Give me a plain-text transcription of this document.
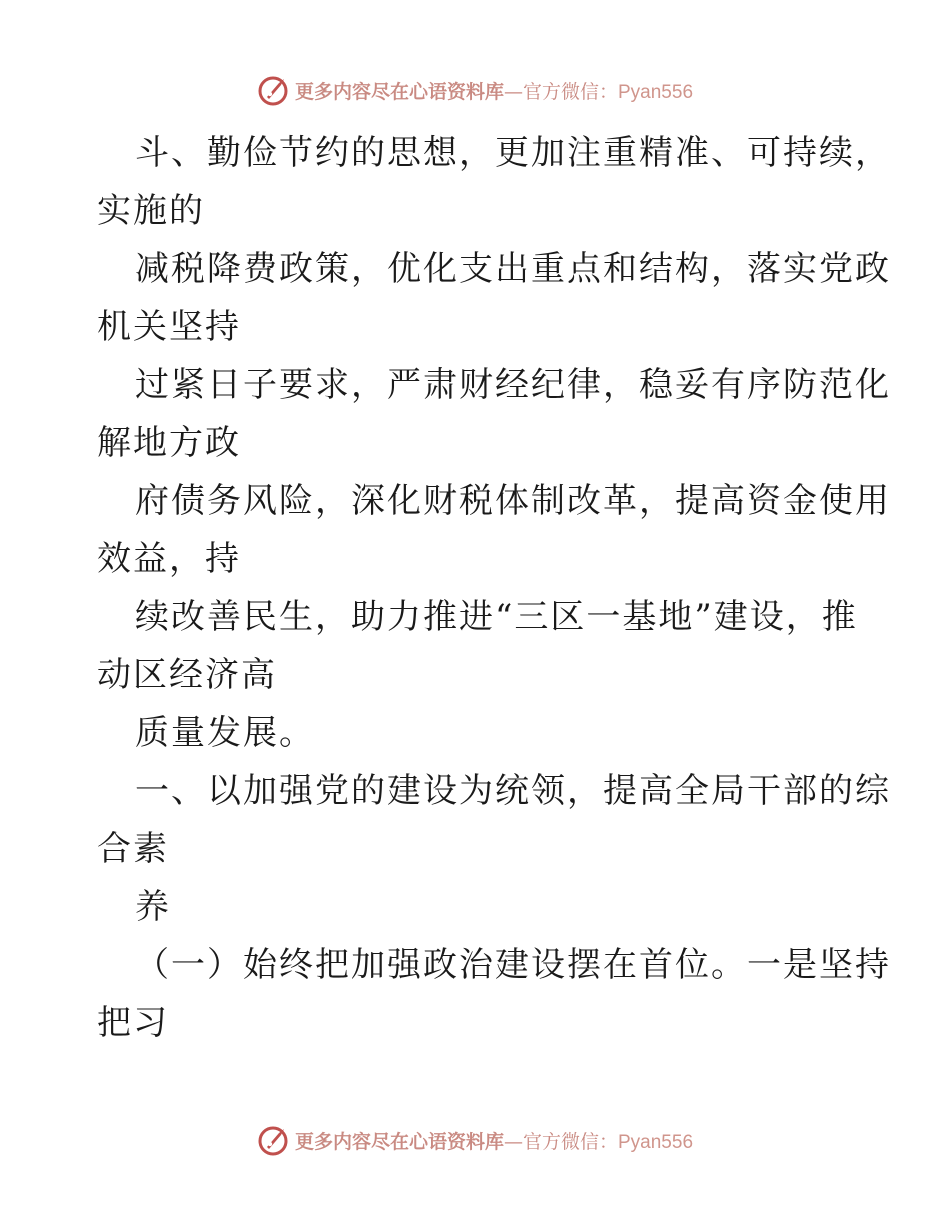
更多内容尽在心语资料库—官方微信：Pyan556
斗、勤俭节约的思想，更加注重精准、可持续，
实施的
减税降费政策，优化支出重点和结构，落实党政
机关坚持
过紧日子要求，严肃财经纪律，稳妥有序防范化
解地方政
府债务风险，深化财税体制改革，提高资金使用
效益，持
续改善民生，助力推进“三区一基地”建设，推
动区经济高
质量发展。
一、以加强党的建设为统领，提高全局干部的综
合素
养
（一）始终把加强政治建设摆在首位。一是坚持
把习
更多内容尽在心语资料库—官方微信：Pyan556
